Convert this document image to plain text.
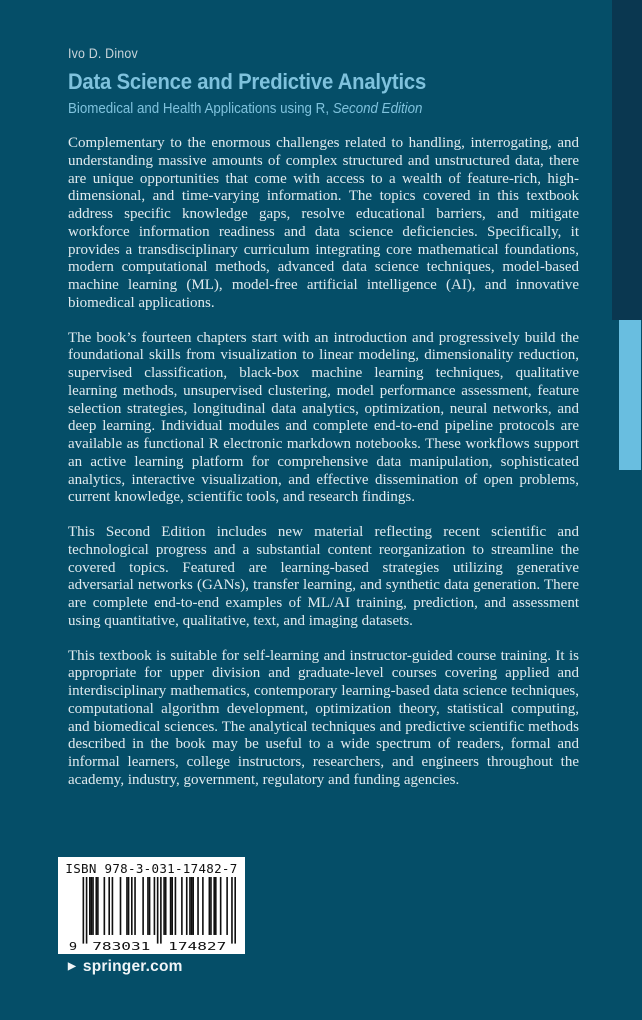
Ivo D. Dinov
Data Science and Predictive Analytics
Biomedical and Health Applications using R, Second Edition

Complementary to the enormous challenges related to handling, interrogating, and understanding massive amounts of complex structured and unstructured data, there are unique opportunities that come with access to a wealth of feature-rich, high-dimensional, and time-varying information. The topics covered in this textbook address specific knowledge gaps, resolve educational barriers, and mitigate workforce information readiness and data science deficiencies. Specifically, it provides a transdisciplinary curriculum integrating core mathematical foundations, modern computational methods, advanced data science techniques, model-based machine learning (ML), model-free artificial intelligence (AI), and innovative biomedical applications.

The book’s fourteen chapters start with an introduction and progressively build the foundational skills from visualization to linear modeling, dimensionality reduction, supervised classification, black-box machine learning techniques, qualitative learning methods, unsupervised clustering, model performance assessment, feature selection strategies, longitudinal data analytics, optimization, neural networks, and deep learning. Individual modules and complete end-to-end pipeline protocols are available as functional R electronic markdown notebooks. These workflows support an active learning platform for comprehensive data manipulation, sophisticated analytics, interactive visualization, and effective dissemination of open problems, current knowledge, scientific tools, and research findings.

This Second Edition includes new material reflecting recent scientific and technological progress and a substantial content reorganization to streamline the covered topics. Featured are learning-based strategies utilizing generative adversarial networks (GANs), transfer learning, and synthetic data generation. There are complete end-to-end examples of ML/AI training, prediction, and assessment using quantitative, qualitative, text, and imaging datasets.

This textbook is suitable for self-learning and instructor-guided course training. It is appropriate for upper division and graduate-level courses covering applied and interdisciplinary mathematics, contemporary learning-based data science techniques, computational algorithm development, optimization theory, statistical computing, and biomedical sciences. The analytical techniques and predictive scientific methods described in the book may be useful to a wide spectrum of readers, formal and informal learners, college instructors, researchers, and engineers throughout the academy, industry, government, regulatory and funding agencies.

ISBN 978-3-031-17482-7
9 783031 174827
▶ springer.com
